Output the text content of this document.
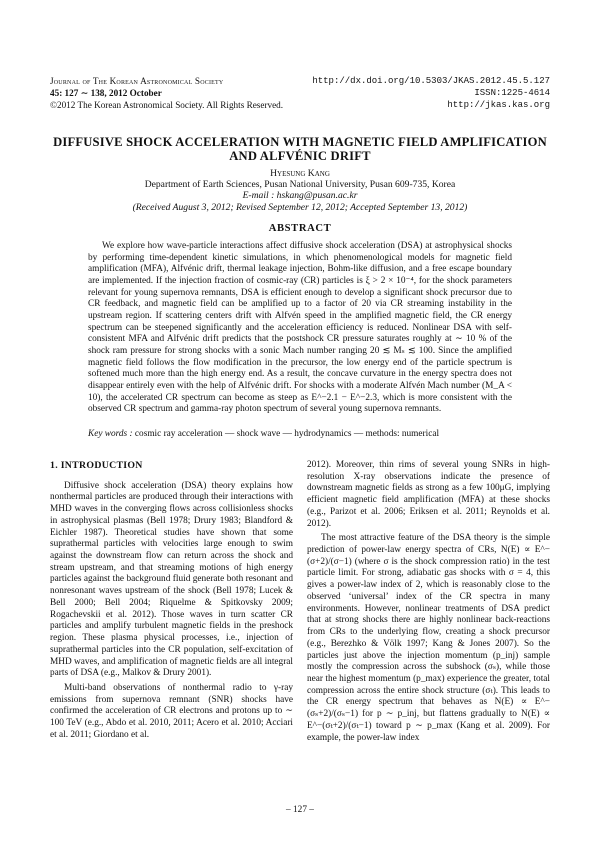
Journal of The Korean Astronomical Society
45: 127 ∼ 138, 2012 October
©2012 The Korean Astronomical Society. All Rights Reserved.
http://dx.doi.org/10.5303/JKAS.2012.45.5.127
ISSN:1225-4614
http://jkas.kas.org
DIFFUSIVE SHOCK ACCELERATION WITH MAGNETIC FIELD AMPLIFICATION AND ALFVÉNIC DRIFT
Hyesung Kang
Department of Earth Sciences, Pusan National University, Pusan 609-735, Korea
E-mail : hskang@pusan.ac.kr
(Received August 3, 2012; Revised September 12, 2012; Accepted September 13, 2012)
ABSTRACT
We explore how wave-particle interactions affect diffusive shock acceleration (DSA) at astrophysical shocks by performing time-dependent kinetic simulations, in which phenomenological models for magnetic field amplification (MFA), Alfvénic drift, thermal leakage injection, Bohm-like diffusion, and a free escape boundary are implemented. If the injection fraction of cosmic-ray (CR) particles is ξ > 2 × 10⁻⁴, for the shock parameters relevant for young supernova remnants, DSA is efficient enough to develop a significant shock precursor due to CR feedback, and magnetic field can be amplified up to a factor of 20 via CR streaming instability in the upstream region. If scattering centers drift with Alfvén speed in the amplified magnetic field, the CR energy spectrum can be steepened significantly and the acceleration efficiency is reduced. Nonlinear DSA with self-consistent MFA and Alfvénic drift predicts that the postshock CR pressure saturates roughly at ∼ 10 % of the shock ram pressure for strong shocks with a sonic Mach number ranging 20 ≲ Mₛ ≲ 100. Since the amplified magnetic field follows the flow modification in the precursor, the low energy end of the particle spectrum is softened much more than the high energy end. As a result, the concave curvature in the energy spectra does not disappear entirely even with the help of Alfvénic drift. For shocks with a moderate Alfvén Mach number (M_A < 10), the accelerated CR spectrum can become as steep as E^−2.1 − E^−2.3, which is more consistent with the observed CR spectrum and gamma-ray photon spectrum of several young supernova remnants.
Key words : cosmic ray acceleration — shock wave — hydrodynamics — methods: numerical
1. INTRODUCTION

Diffusive shock acceleration (DSA) theory explains how nonthermal particles are produced through their interactions with MHD waves in the converging flows across collisionless shocks in astrophysical plasmas (Bell 1978; Drury 1983; Blandford & Eichler 1987). Theoretical studies have shown that some suprathermal particles with velocities large enough to swim against the downstream flow can return across the shock and stream upstream, and that streaming motions of high energy particles against the background fluid generate both resonant and nonresonant waves upstream of the shock (Bell 1978; Lucek & Bell 2000; Bell 2004; Riquelme & Spitkovsky 2009; Rogachevskii et al. 2012). Those waves in turn scatter CR particles and amplify turbulent magnetic fields in the preshock region. These plasma physical processes, i.e., injection of suprathermal particles into the CR population, self-excitation of MHD waves, and amplification of magnetic fields are all integral parts of DSA (e.g., Malkov & Drury 2001).

Multi-band observations of nonthermal radio to γ-ray emissions from supernova remnant (SNR) shocks have confirmed the acceleration of CR electrons and protons up to ∼ 100 TeV (e.g., Abdo et al. 2010, 2011; Acero et al. 2010; Acciari et al. 2011; Giordano et al.

2012). Moreover, thin rims of several young SNRs in high-resolution X-ray observations indicate the presence of downstream magnetic fields as strong as a few 100μG, implying efficient magnetic field amplification (MFA) at these shocks (e.g., Parizot et al. 2006; Eriksen et al. 2011; Reynolds et al. 2012).

The most attractive feature of the DSA theory is the simple prediction of power-law energy spectra of CRs, N(E) ∝ E^−(σ+2)/(σ−1) (where σ is the shock compression ratio) in the test particle limit. For strong, adiabatic gas shocks with σ = 4, this gives a power-law index of 2, which is reasonably close to the observed ‘universal’ index of the CR spectra in many environments. However, nonlinear treatments of DSA predict that at strong shocks there are highly nonlinear back-reactions from CRs to the underlying flow, creating a shock precursor (e.g., Berezhko & Völk 1997; Kang & Jones 2007). So the particles just above the injection momentum (p_inj) sample mostly the compression across the subshock (σₛ), while those near the highest momentum (p_max) experience the greater, total compression across the entire shock structure (σₜ). This leads to the CR energy spectrum that behaves as N(E) ∝ E^−(σₛ+2)/(σₛ−1) for p ∼ p_inj, but flattens gradually to N(E) ∝ E^−(σₜ+2)/(σₜ−1) toward p ∼ p_max (Kang et al. 2009). For example, the power-law index

– 127 –
